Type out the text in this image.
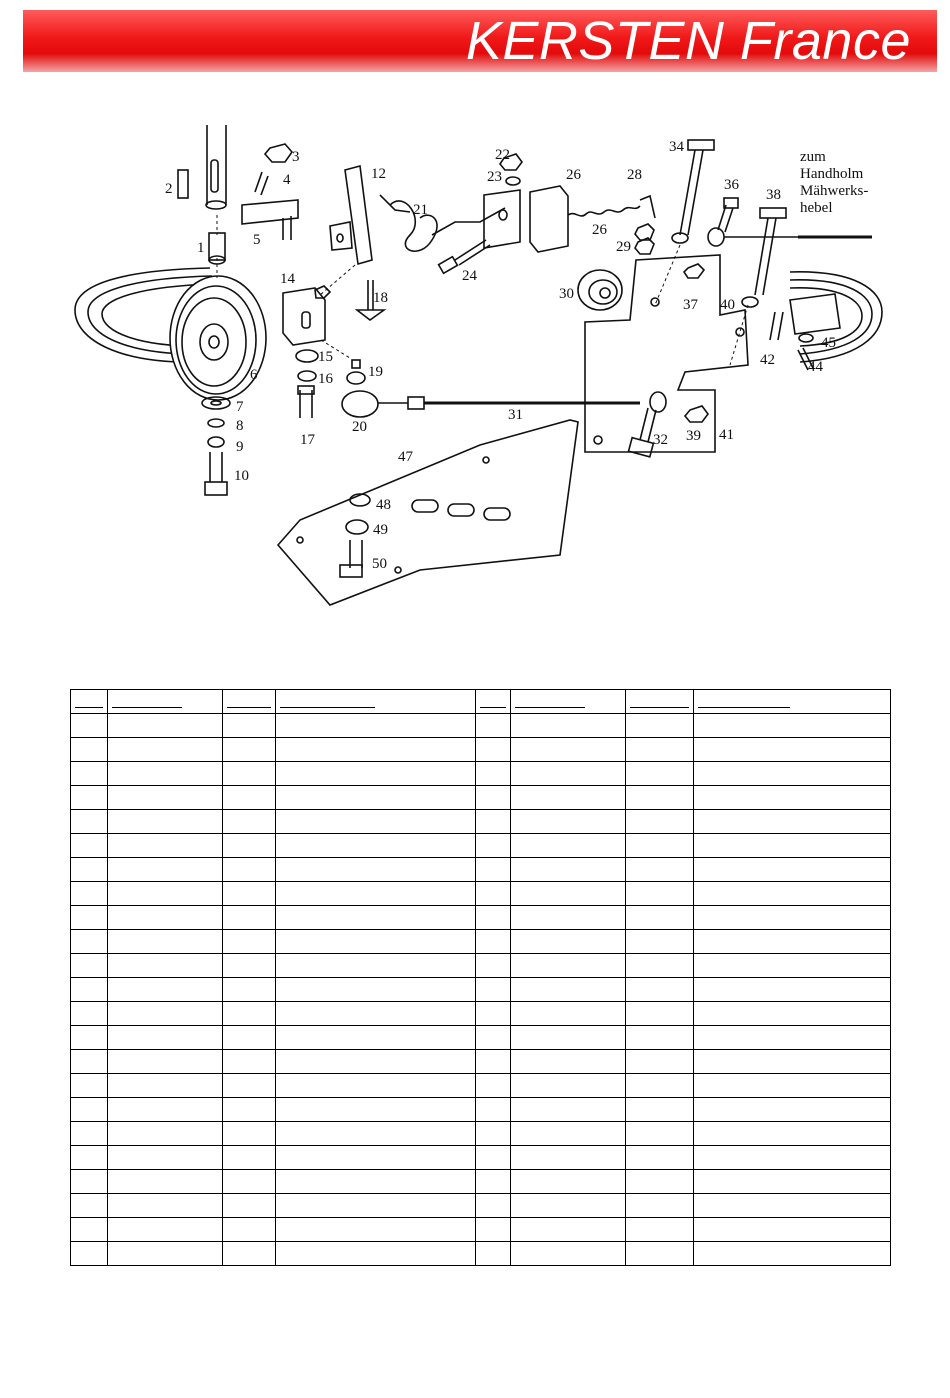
KERSTEN France
1
2
3
4
5
6
7
8
9
10
12
14
15
16
17
18
19
20
21
22
23
24
26
26
28
29
30
31
32
34
36
37
38
39
40
41
42 44
45
47
48
49
50
zum
Handholm
Mähwerks-
hebel
